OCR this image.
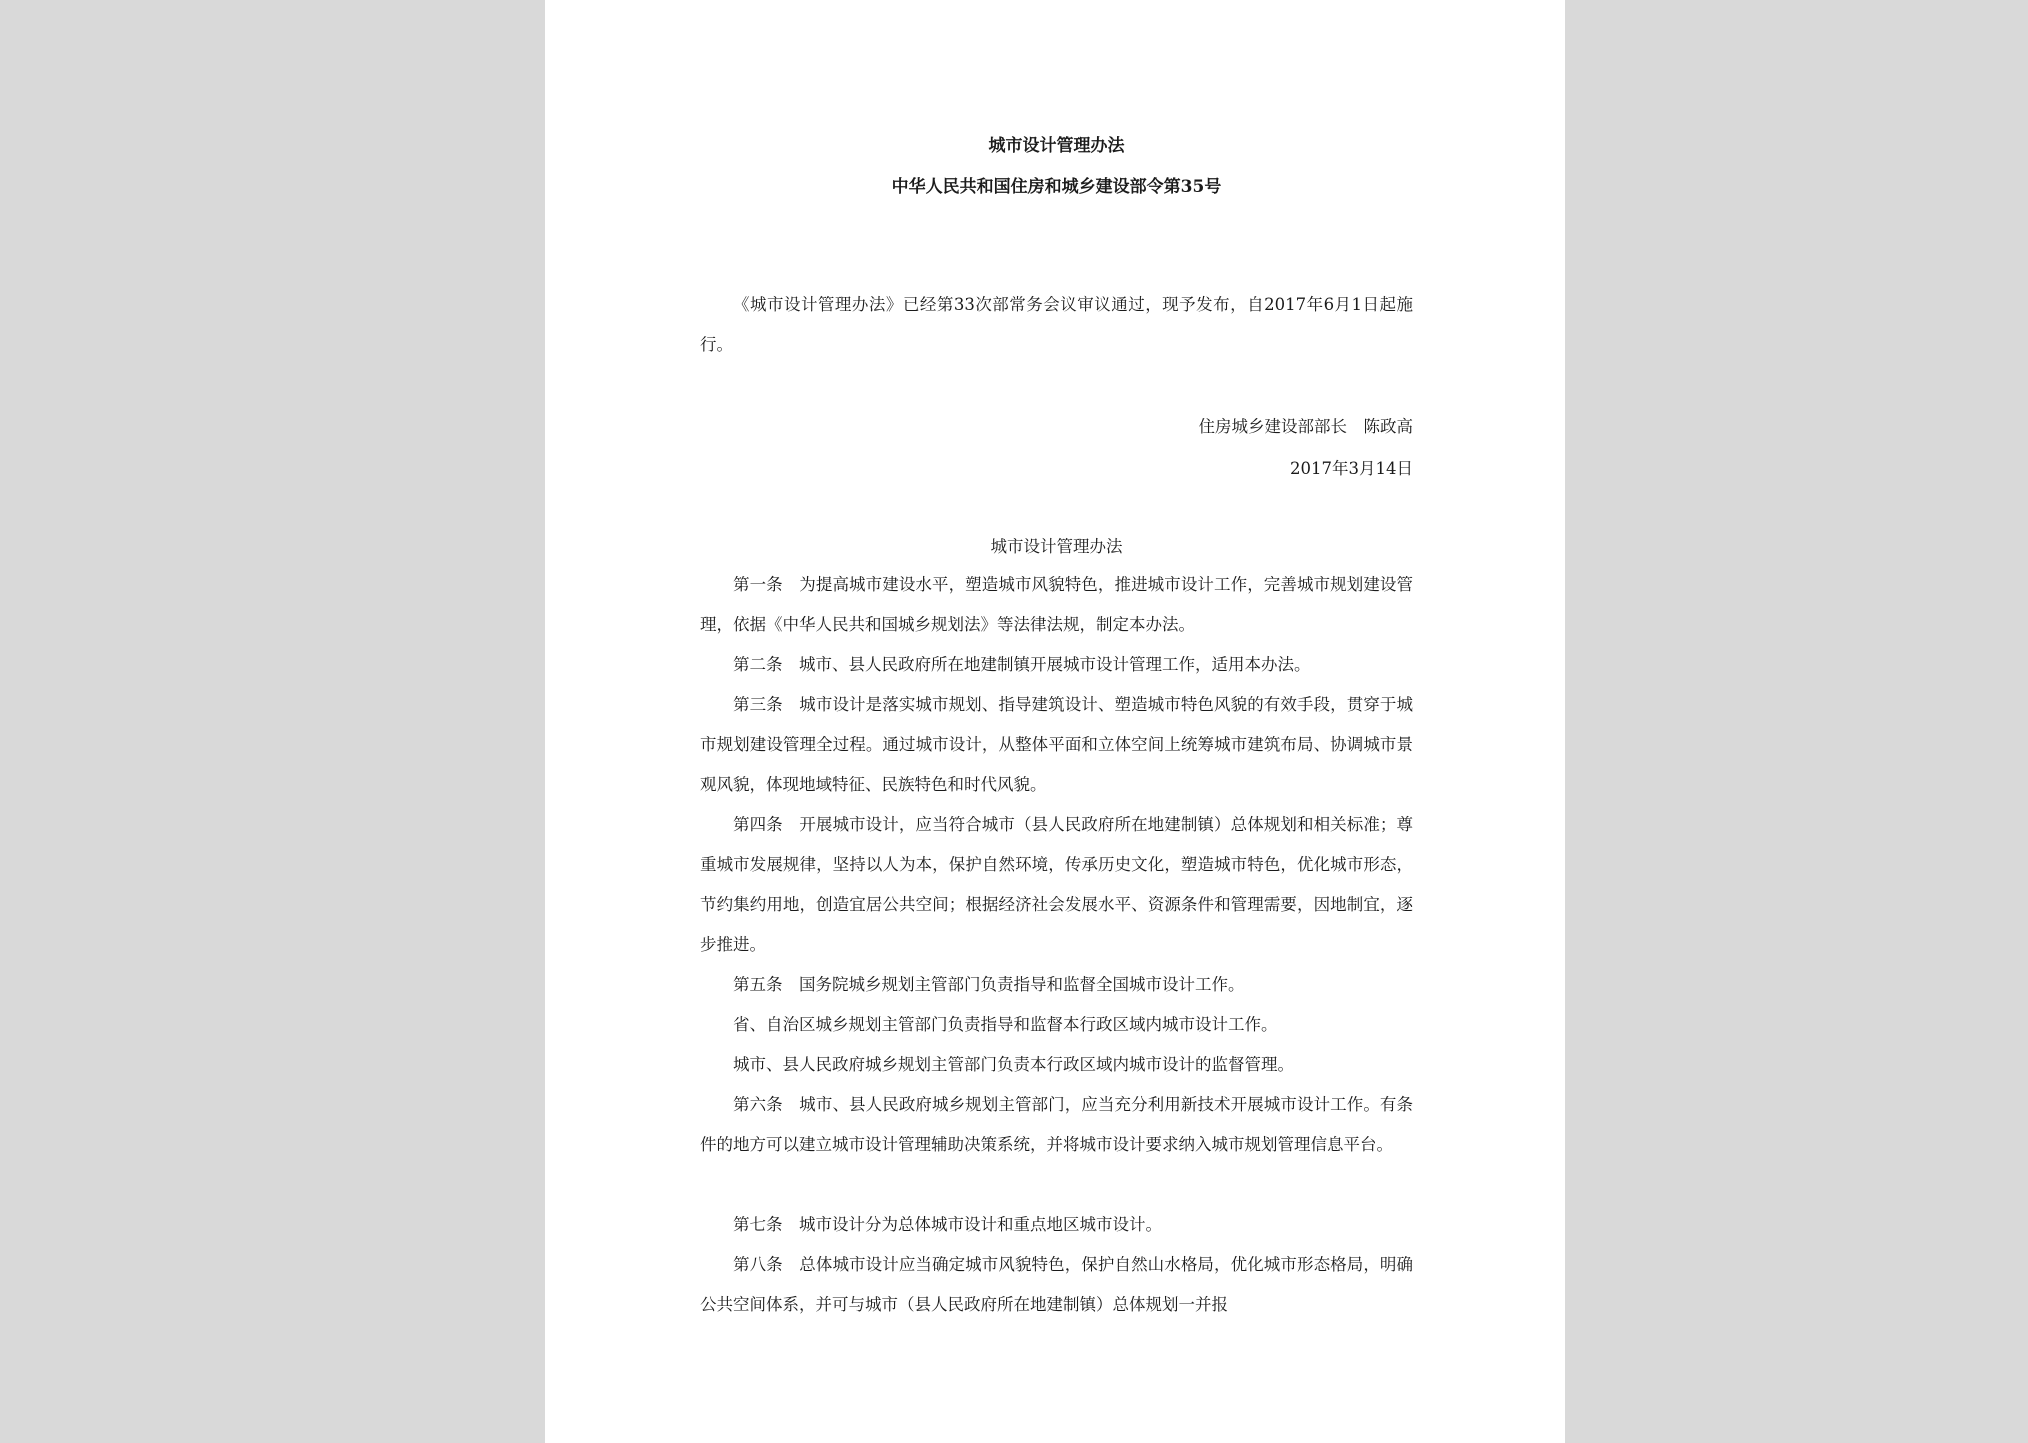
城市设计管理办法
中华人民共和国住房和城乡建设部令第35号

《城市设计管理办法》已经第33次部常务会议审议通过，现予发布，自2017年6月1日起施行。

住房城乡建设部部长　陈政高
2017年3月14日
城市设计管理办法

第一条 为提高城市建设水平，塑造城市风貌特色，推进城市设计工作，完善城市规划建设管理，依据《中华人民共和国城乡规划法》等法律法规，制定本办法。

第二条 城市、县人民政府所在地建制镇开展城市设计管理工作，适用本办法。

第三条 城市设计是落实城市规划、指导建筑设计、塑造城市特色风貌的有效手段，贯穿于城市规划建设管理全过程。通过城市设计，从整体平面和立体空间上统筹城市建筑布局、协调城市景观风貌，体现地域特征、民族特色和时代风貌。

第四条 开展城市设计，应当符合城市（县人民政府所在地建制镇）总体规划和相关标准；尊重城市发展规律，坚持以人为本，保护自然环境，传承历史文化，塑造城市特色，优化城市形态，节约集约用地，创造宜居公共空间；根据经济社会发展水平、资源条件和管理需要，因地制宜，逐步推进。

第五条 国务院城乡规划主管部门负责指导和监督全国城市设计工作。

省、自治区城乡规划主管部门负责指导和监督本行政区域内城市设计工作。

城市、县人民政府城乡规划主管部门负责本行政区域内城市设计的监督管理。

第六条 城市、县人民政府城乡规划主管部门，应当充分利用新技术开展城市设计工作。有条件的地方可以建立城市设计管理辅助决策系统，并将城市设计要求纳入城市规划管理信息平台。

第七条 城市设计分为总体城市设计和重点地区城市设计。

第八条 总体城市设计应当确定城市风貌特色，保护自然山水格局，优化城市形态格局，明确公共空间体系，并可与城市（县人民政府所在地建制镇）总体规划一并报
